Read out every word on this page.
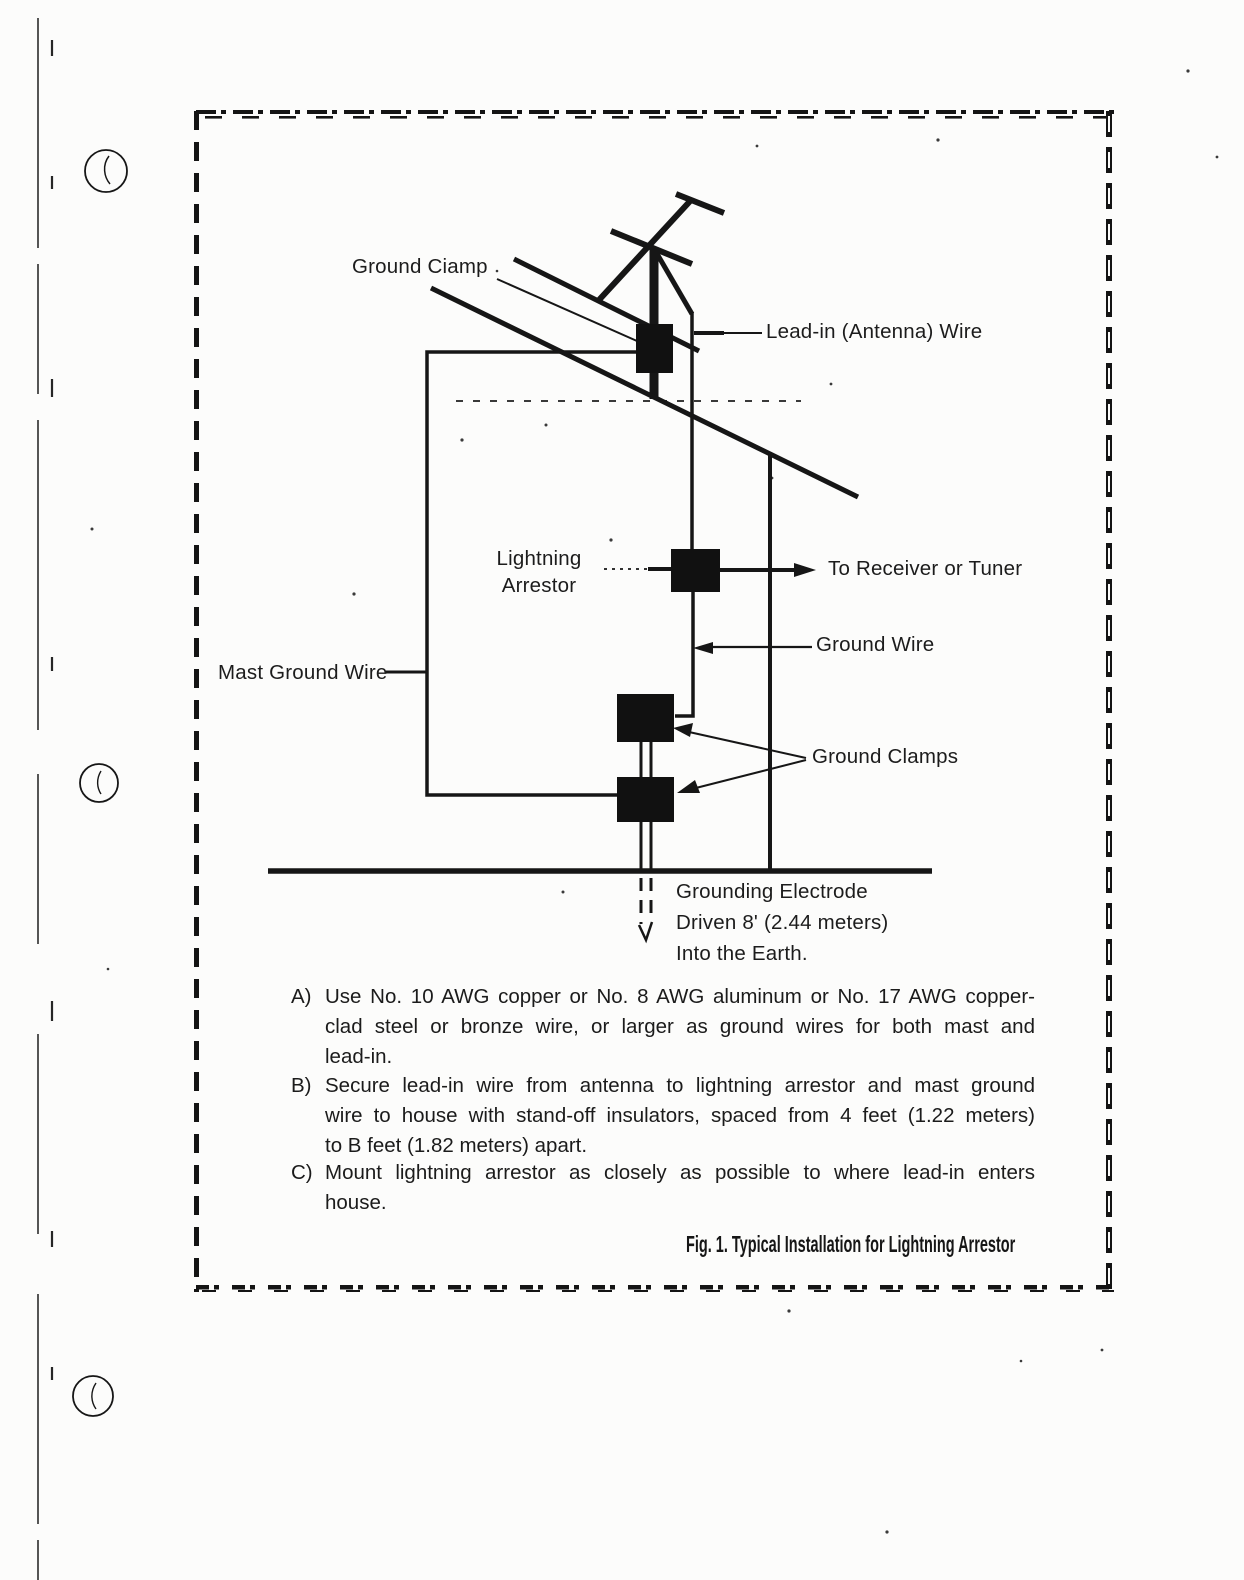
Ground Ciamp
Lead-in (Antenna) Wire
Lightning
Arrestor
To Receiver or Tuner
Ground Wire
Mast Ground Wire
Ground Clamps
Grounding Electrode
Driven 8' (2.44 meters)
Into the Earth.
A) Use No. 10 AWG copper or No. 8 AWG aluminum or No. 17 AWG copper-
clad steel or bronze wire, or larger as ground wires for both mast and
lead-in.
B) Secure lead-in wire from antenna to lightning arrestor and mast ground
wire to house with stand-off insulators, spaced from 4 feet (1.22 meters)
to B feet (1.82 meters) apart.
C) Mount lightning arrestor as closely as possible to where lead-in enters
house.
Fig. 1. Typical Installation for Lightning Arrestor
